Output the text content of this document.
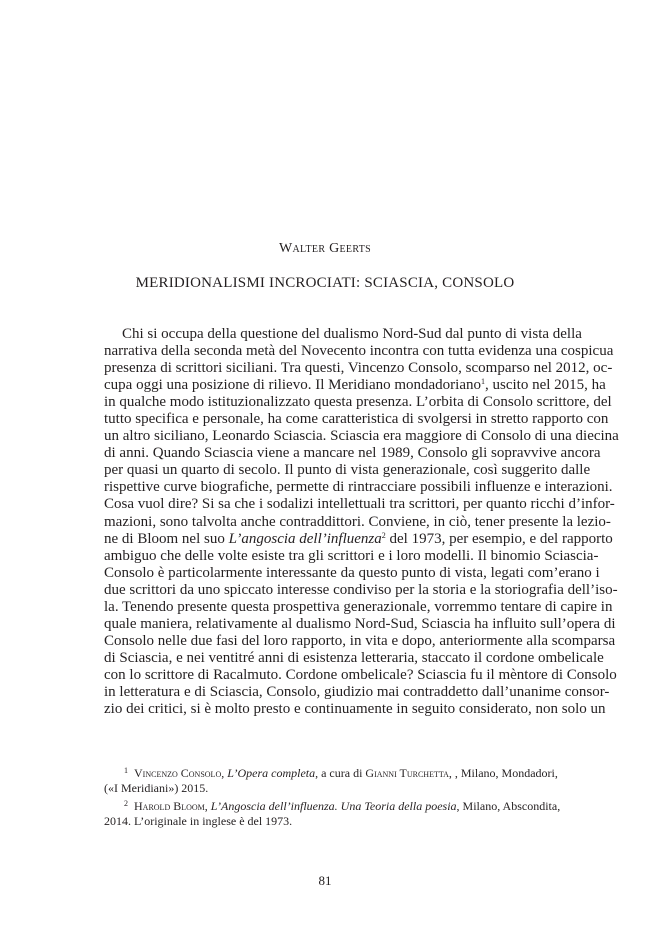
Walter Geerts
MERIDIONALISMI INCROCIATI: SCIASCIA, CONSOLO
Chi si occupa della questione del dualismo Nord-Sud dal punto di vista della
narrativa della seconda metà del Novecento incontra con tutta evidenza una cospicua
presenza di scrittori siciliani. Tra questi, Vincenzo Consolo, scomparso nel 2012, oc-
cupa oggi una posizione di rilievo. Il Meridiano mondadoriano$^1$, uscito nel 2015, ha
in qualche modo istituzionalizzato questa presenza. L’orbita di Consolo scrittore, del
tutto specifica e personale, ha come caratteristica di svolgersi in stretto rapporto con
un altro siciliano, Leonardo Sciascia. Sciascia era maggiore di Consolo di una diecina
di anni. Quando Sciascia viene a mancare nel 1989, Consolo gli sopravvive ancora
per quasi un quarto di secolo. Il punto di vista generazionale, così suggerito dalle
rispettive curve biografiche, permette di rintracciare possibili influenze e interazioni.
Cosa vuol dire? Si sa che i sodalizi intellettuali tra scrittori, per quanto ricchi d’infor-
mazioni, sono talvolta anche contraddittori. Conviene, in ciò, tener presente la lezio-
ne di Bloom nel suo L’angoscia dell’influenza$^2$ del 1973, per esempio, e del rapporto
ambiguo che delle volte esiste tra gli scrittori e i loro modelli. Il binomio Sciascia-
Consolo è particolarmente interessante da questo punto di vista, legati com’erano i
due scrittori da uno spiccato interesse condiviso per la storia e la storiografia dell’iso-
la. Tenendo presente questa prospettiva generazionale, vorremmo tentare di capire in
quale maniera, relativamente al dualismo Nord-Sud, Sciascia ha influito sull’opera di
Consolo nelle due fasi del loro rapporto, in vita e dopo, anteriormente alla scomparsa
di Sciascia, e nei ventitré anni di esistenza letteraria, staccato il cordone ombelicale
con lo scrittore di Racalmuto. Cordone ombelicale? Sciascia fu il mèntore di Consolo
in letteratura e di Sciascia, Consolo, giudizio mai contraddetto dall’unanime consor-
zio dei critici, si è molto presto e continuamente in seguito considerato, non solo un
$^1$ Vincenzo Consolo, L’Opera completa, a cura di Gianni Turchetta, , Milano, Mondadori,
(«I Meridiani») 2015.
$^2$ Harold Bloom, L’Angoscia dell’influenza. Una Teoria della poesia, Milano, Abscondita,
2014. L’originale in inglese è del 1973.
81
